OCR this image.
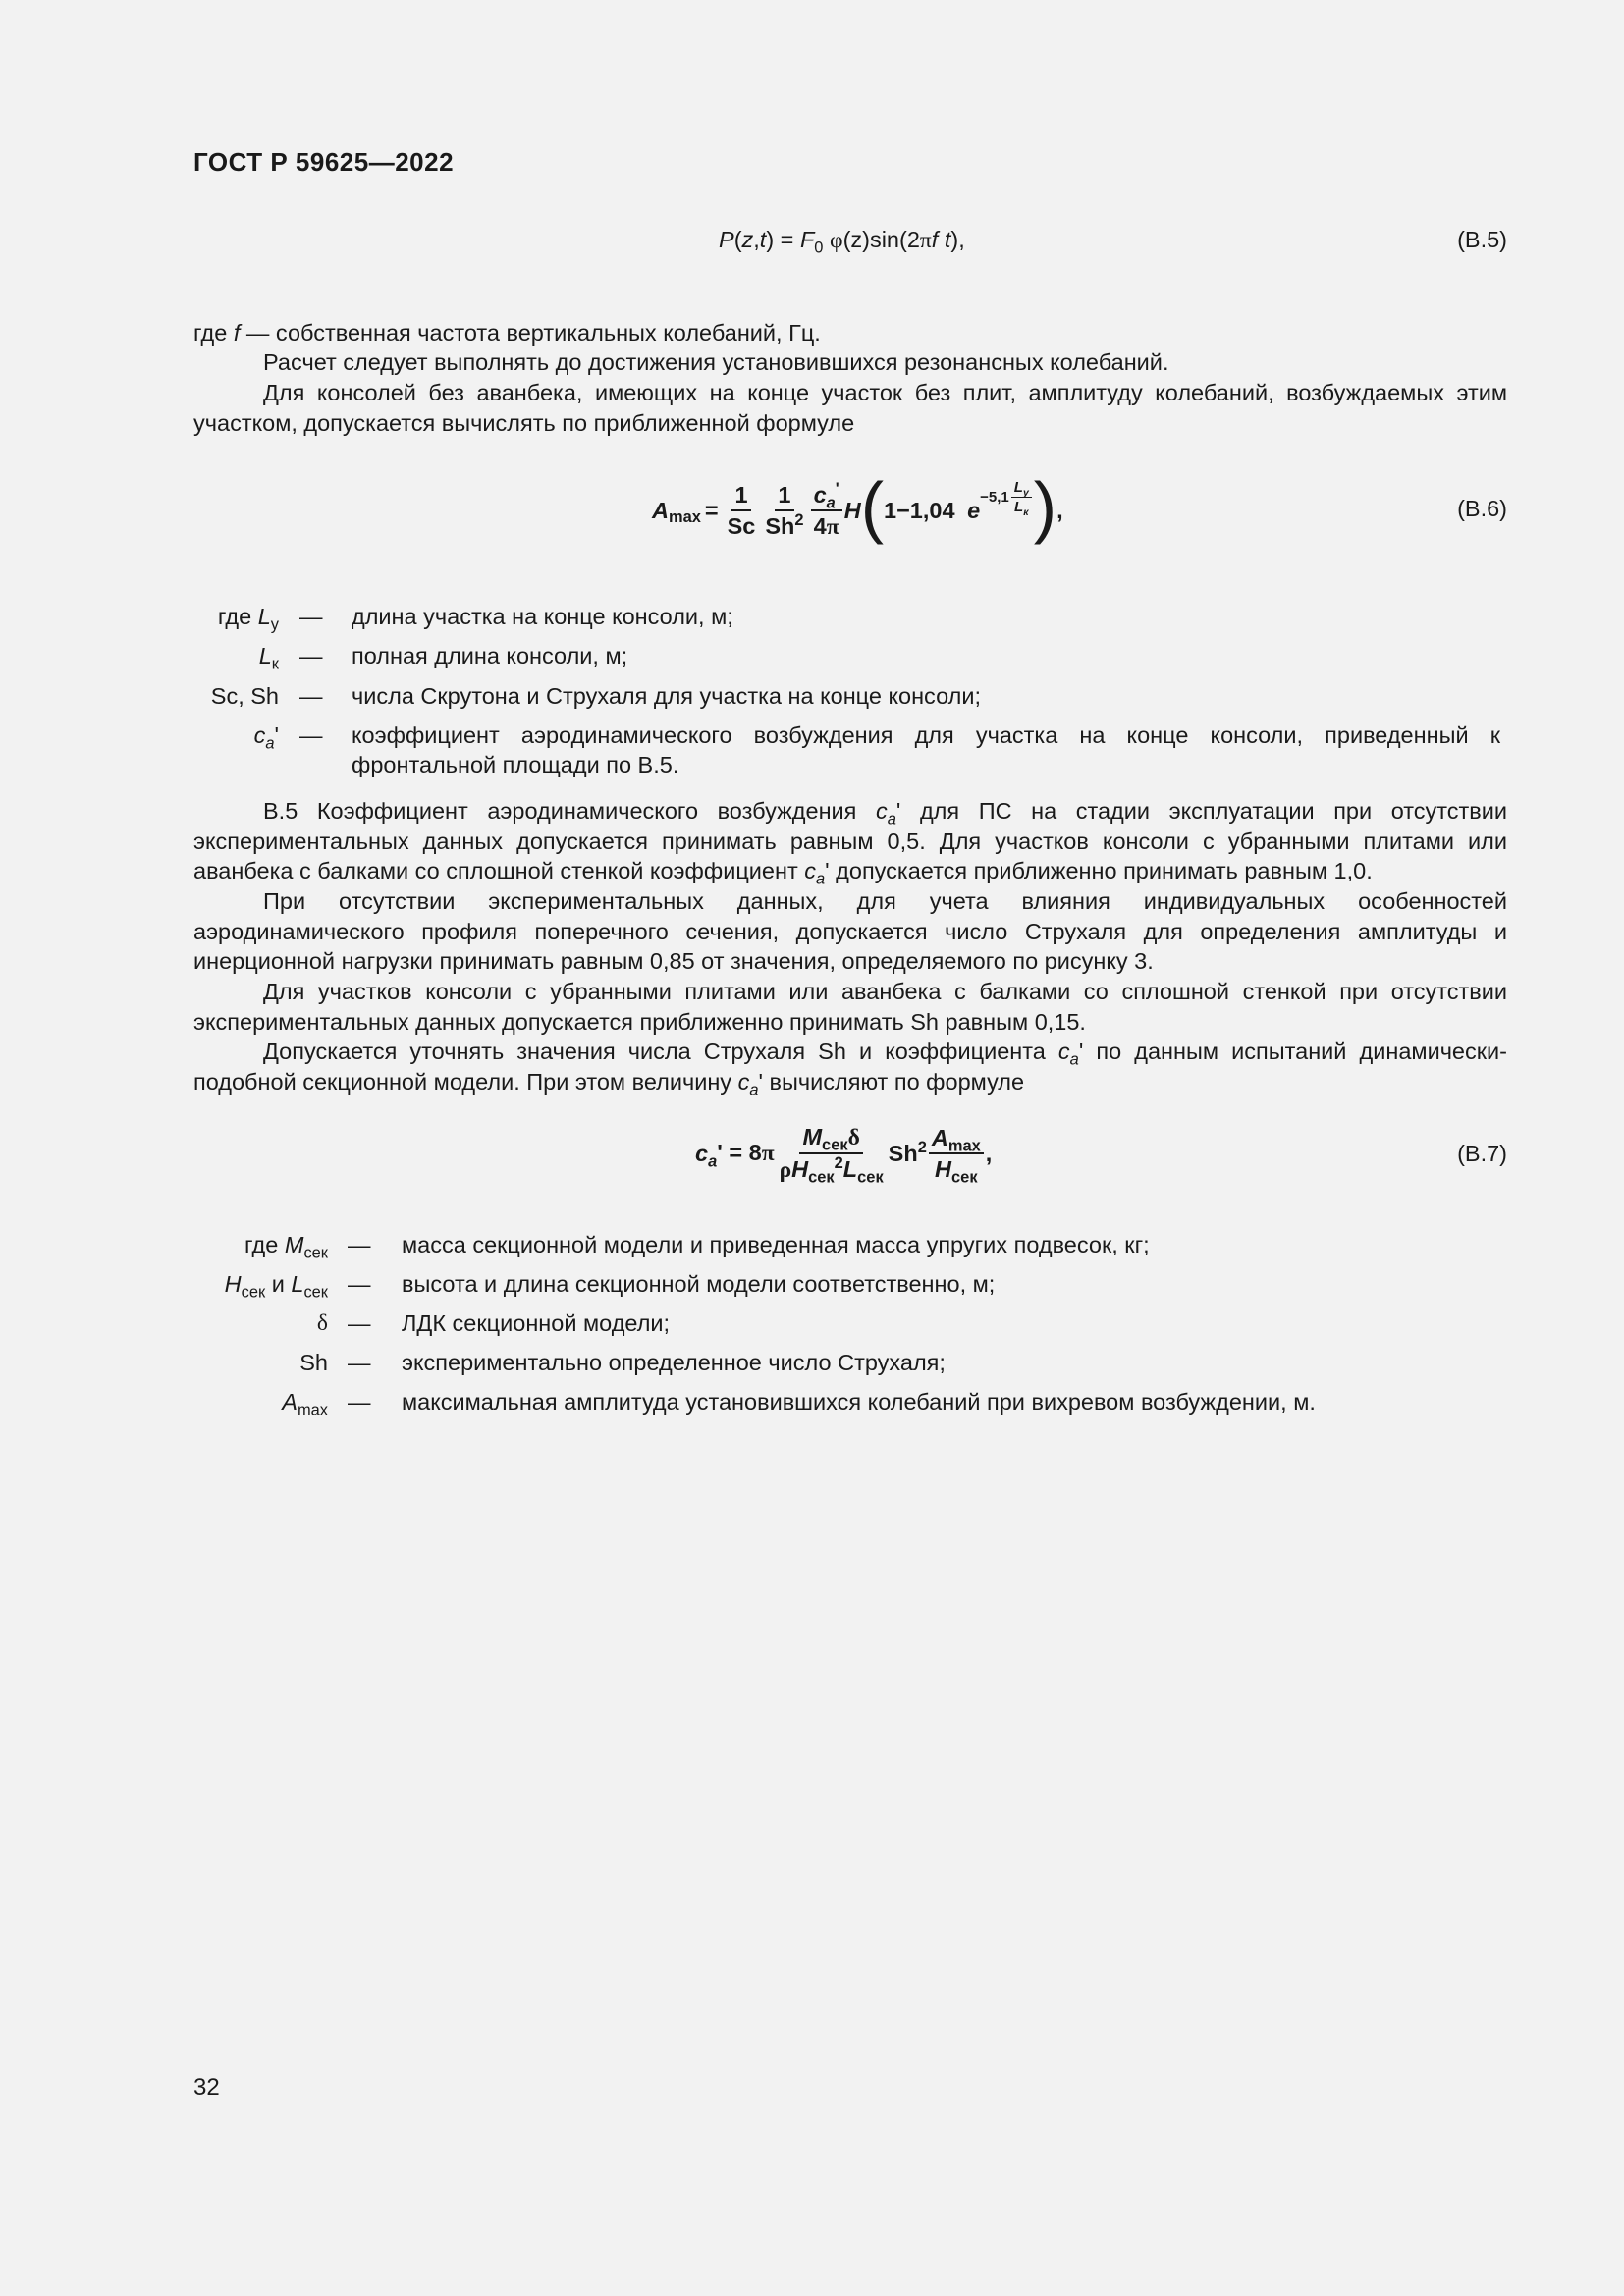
ГОСТ Р 59625—2022
$P(z,t) = F_0$ φ(z)sin(2πf t),	(В.5)
где f — собственная частота вертикальных колебаний, Гц.
Расчет следует выполнять до достижения установившихся резонансных колебаний.
Для консолей без аванбека, имеющих на конце участок без плит, амплитуду колебаний, возбуждаемых этим участком, допускается вычислять по приближенной формуле
$A_{max} = \frac{1}{Sc} \frac{1}{Sh^2} \frac{c_a'}{4\pi}$ H ( 1−1,04 e
$-5,1 \frac{L_y}{L_к}$ ) ,	(В.6)
где $L_y$ — длина участка на конце консоли, м;
$L_к$ — полная длина консоли, м;
Sc, Sh — числа Скрутона и Струхаля для участка на конце консоли;
$c_a'$ — коэффициент аэродинамического возбуждения для участка на конце консоли, приведенный к фронтальной площади по В.5.
В.5 Коэффициент аэродинамического возбуждения $c_a'$ для ПС на стадии эксплуатации при отсутствии экспериментальных данных допускается принимать равным 0,5. Для участков консоли с убранными плитами или аванбека с балками со сплошной стенкой коэффициент $c_a'$ допускается приближенно принимать равным 1,0.
При отсутствии экспериментальных данных, для учета влияния индивидуальных особенностей аэродинамического профиля поперечного сечения, допускается число Струхаля для определения амплитуды и инерционной нагрузки принимать равным 0,85 от значения, определяемого по рисунку 3.
Для участков консоли с убранными плитами или аванбека с балками со сплошной стенкой при отсутствии экспериментальных данных допускается приближенно принимать Sh равным 0,15.
Допускается уточнять значения числа Струхаля Sh и коэффициента $c_a'$ по данным испытаний динамически-подобной секционной модели. При этом величину $c_a'$ вычисляют по формуле
$c_a$ ' = $8\pi \frac{M_{сек}\delta}{\rho H_{сек}^2L_{сек}} Sh^2 \frac{A_{max}}{H_{сек}}$ ,	(В.7)
где $M_{сек}$ — масса секционной модели и приведенная масса упругих подвесок, кг;
$H_{сек}$ и $L_{сек}$ — высота и длина секционной модели соответственно, м;
δ — ЛДК секционной модели;
Sh — экспериментально определенное число Струхаля;
$A_{max}$ — максимальная амплитуда установившихся колебаний при вихревом возбуждении, м.
32
